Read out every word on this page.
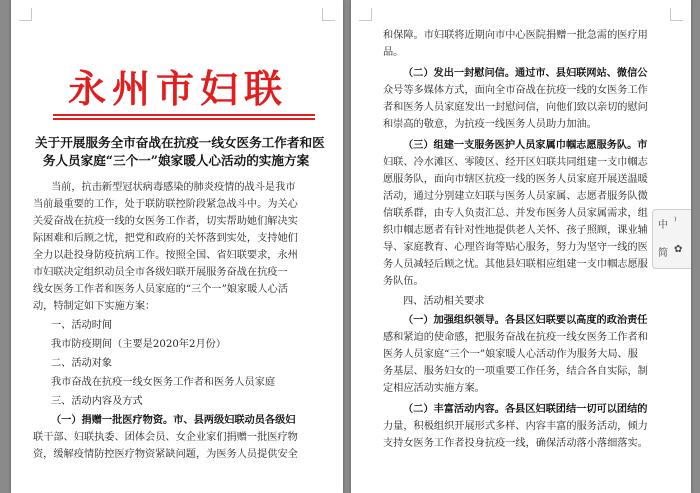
永州市妇联
关于开展服务全市奋战在抗疫一线女医务工作者和医
务人员家庭“三个一”娘家暖人心活动的实施方案
当前，抗击新型冠状病毒感染的肺炎疫情的战斗是我市
当前最重要的工作，处于联防联控阶段紧急战斗中。为关心
关爱奋战在抗疫一线的女医务工作者，切实帮助她们解决实
际困难和后顾之忧，把党和政府的关怀落到实处，支持她们
全力以赴投身防疫抗病工作。按照全国、省妇联要求，永州
市妇联决定组织动员全市各级妇联开展服务奋战在抗疫一
线女医务工作者和医务人员家庭的“三个一”娘家暖人心活
动，特制定如下实施方案：
一、活动时间
我市防疫期间（主要是2020年2月份）
二、活动对象
我市奋战在抗疫一线女医务工作者和医务人员家庭
三、活动内容及方式
（一）捐赠一批医疗物资。市、县两级妇联动员各级妇
联干部、妇联执委、团体会员、女企业家们捐赠一批医疗物
资，缓解疫情防控医疗物资紧缺问题，为医务人员提供安全
和保障。市妇联将近期向市中心医院捐赠一批急需的医疗用
品。
（二）发出一封慰问信。通过市、县妇联网站、微信公
众号等多媒体方式，面向全市奋战在抗疫一线的女医务工作
者和医务人员家庭发出一封慰问信，向他们致以亲切的慰问
和崇高的敬意，为抗疫一线医务人员助力加油。
（三）组建一支服务医护人员家属巾帼志愿服务队。市
妇联、冷水滩区、零陵区、经开区妇联共同组建一支巾帼志
愿服务队，面向市辖区抗疫一线的医务人员家庭开展送温暖
活动，通过分别建立妇联与医务人员家属、志愿者服务队微
信联系群，由专人负责汇总、并发布医务人员家属需求，组
织巾帼志愿者有针对性地提供老人关怀、孩子照顾，课业辅
导、家庭教育、心理咨询等贴心服务，努力为坚守一线的医
务人员减轻后顾之忧。其他县妇联相应组建一支巾帼志愿服
务队伍。
四、活动相关要求
（一）加强组织领导。各县区妇联要以高度的政治责任
感和紧迫的使命感，把服务奋战在抗疫一线女医务工作者和
医务人员家庭“三个一”娘家暖人心活动作为服务大局、服
务基层、服务妇女的一项重要工作任务，结合各自实际，制
定相应活动实施方案。
（二）丰富活动内容。各县区妇联团结一切可以团结的
力量，积极组织开展形式多样、内容丰富的服务活动，倾力
支持女医务工作者投身抗疫一线，确保活动落小落细落实。
中 ⁾
简 ✿
